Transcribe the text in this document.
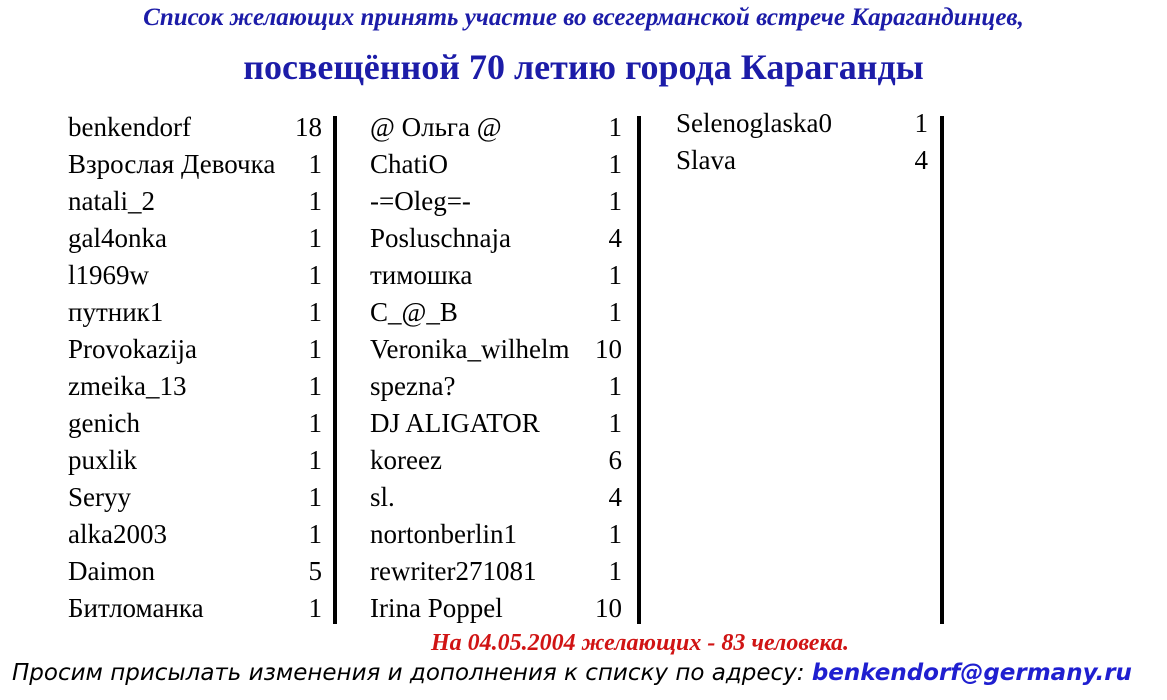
Список желающих принять участие во всегерманской встрече Карагандинцев,
посвещённой 70 летию города Караганды
benkendorf	18
Взрослая Девочка 1
natali_2	1
gal4onka	1
l1969w	1
путник1	1
Provokazija	1
zmeika_13	1
genich	1
puxlik	1
Seryy	1
alka2003	1
Daimon	5
Битломанка	1
@ Ольга @	1
ChatiO	1
-=Oleg=-	1
Posluschnaja	4
тимошка	1
C_@_B	1
Veronika_wilhelm 10
spezna?	1
DJ ALIGATOR	1
koreez	6
sl.	4
nortonberlin1	1
rewriter271081	1
Irina Poppel	10
Selenoglaska0	1
Slava	4
На 04.05.2004 желающих - 83 человека.
Просим присылать изменения и дополнения к списку по адресу: benkendorf@germany.ru
